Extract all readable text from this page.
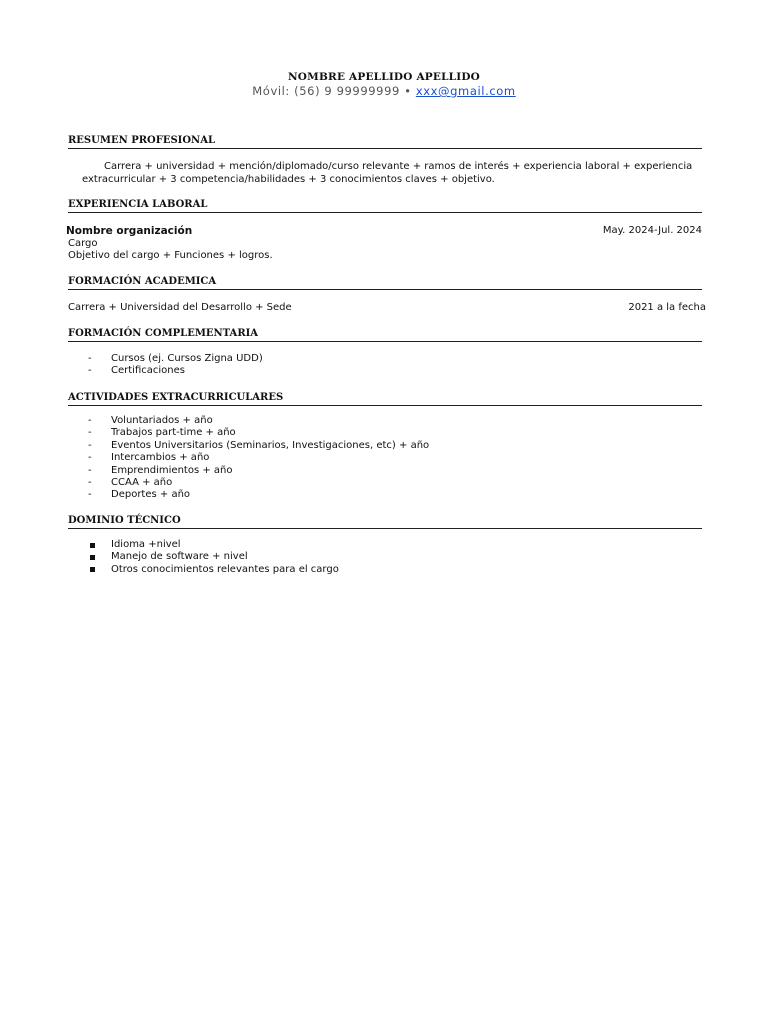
NOMBRE APELLIDO APELLIDO
Móvil: (56) 9 99999999 • xxx@gmail.com
RESUMEN PROFESIONAL
Carrera + universidad + mención/diplomado/curso relevante + ramos de interés + experiencia laboral + experiencia extracurricular + 3 competencia/habilidades + 3 conocimientos claves + objetivo.
EXPERIENCIA LABORAL
Nombre organización	May. 2024-Jul. 2024
Cargo
Objetivo del cargo + Funciones + logros.
FORMACIÓN ACADEMICA
Carrera + Universidad del Desarrollo + Sede	2021 a la fecha
FORMACIÓN COMPLEMENTARIA
- Cursos (ej. Cursos Zigna UDD)
- Certificaciones
ACTIVIDADES EXTRACURRICULARES
- Voluntariados + año
- Trabajos part-time + año
- Eventos Universitarios (Seminarios, Investigaciones, etc) + año
- Intercambios + año
- Emprendimientos + año
- CCAA + año
- Deportes + año
DOMINIO TÉCNICO
Idioma +nivel
Manejo de software + nivel
Otros conocimientos relevantes para el cargo
